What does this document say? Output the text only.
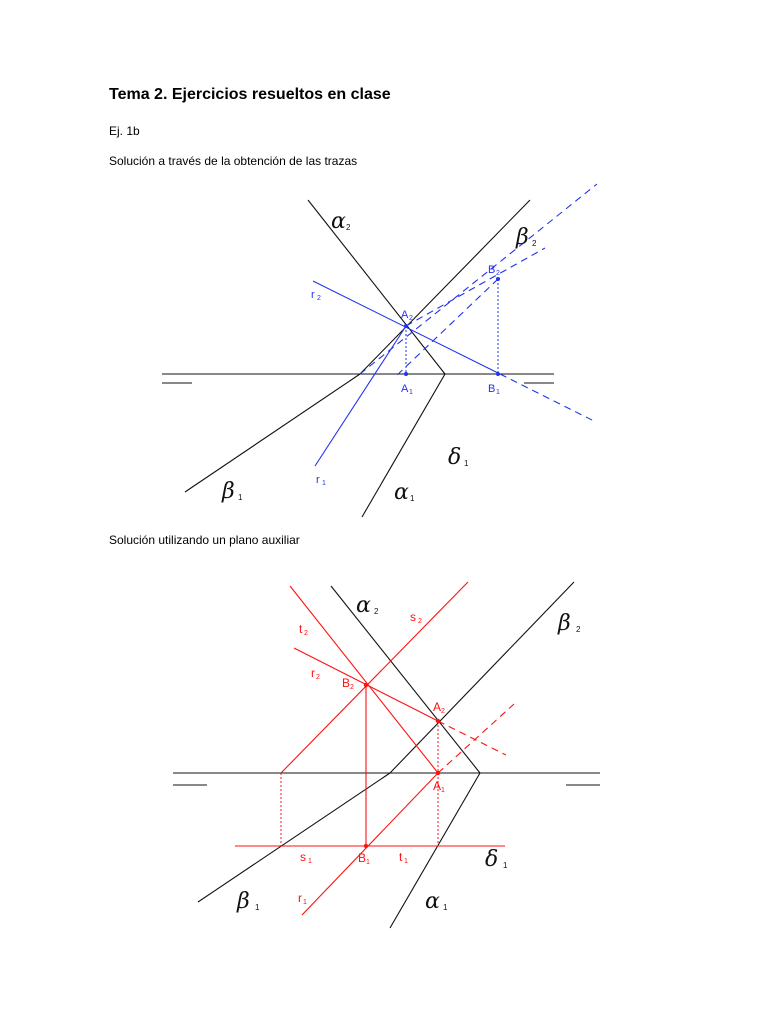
Tema 2. Ejercicios resueltos en clase
Ej. 1b
Solución a través de la obtención de las trazas
Solución utilizando un plano auxiliar
α 2	β 2
β 1	α 1
δ 1
r 2
r 1
A 2
A 1
B 2
B 1
α 2	β 2
β 1	α 1
δ 1
t 2
s 2
r 2 B 2
A 2
A 1
s 1	B 1 t 1
r 1
